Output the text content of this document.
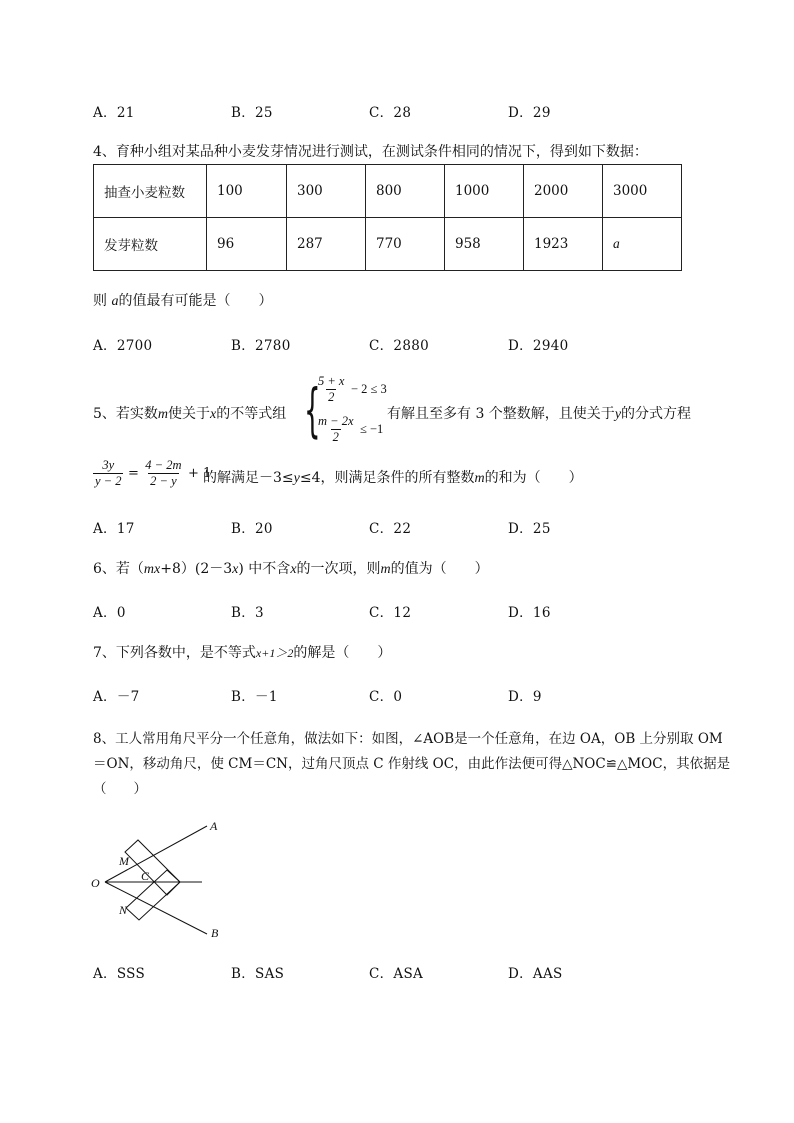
A．21	B．25	C．28	D．29
4、育种小组对某品种小麦发芽情况进行测试，在测试条件相同的情况下，得到如下数据：
抽查小麦粒数	100	300	800	1000	2000	3000
发芽粒数	96	287	770	958	1923	a
则 a的值最有可能是（　　）
A．2700	B．2780	C．2880	D．2940
5、若实数m使关于x的不等式组 {
$\frac{5 + x}{2} - 2 \le 3$
$\frac{m - 2x}{2} \le -1$
有解且至多有 3 个整数解，且使关于y的分式方程
$\frac{3y}{y - 2} = \frac{4 - 2m}{2 - y} + 1$
的解满足－3≤y≤4，则满足条件的所有整数m的和为（　　）
A．17	B．20	C．22	D．25
6、若（mx+8）(2－3x) 中不含x的一次项，则m的值为（　　）
A．0	B．3	C．12	D．16
7、下列各数中，是不等式x+1＞2的解是（　　）
A．－7	B．－1	C．0	D．9
8、工人常用角尺平分一个任意角，做法如下：如图，∠AOB是一个任意角，在边 OA，OB 上分别取 OM
＝ON，移动角尺，使 CM＝CN，过角尺顶点 C 作射线 OC，由此作法便可得△NOC≌△MOC，其依据是
（　　）
A
B
O
M
N
C
A．SSS	B．SAS	C．ASA	D．AAS
